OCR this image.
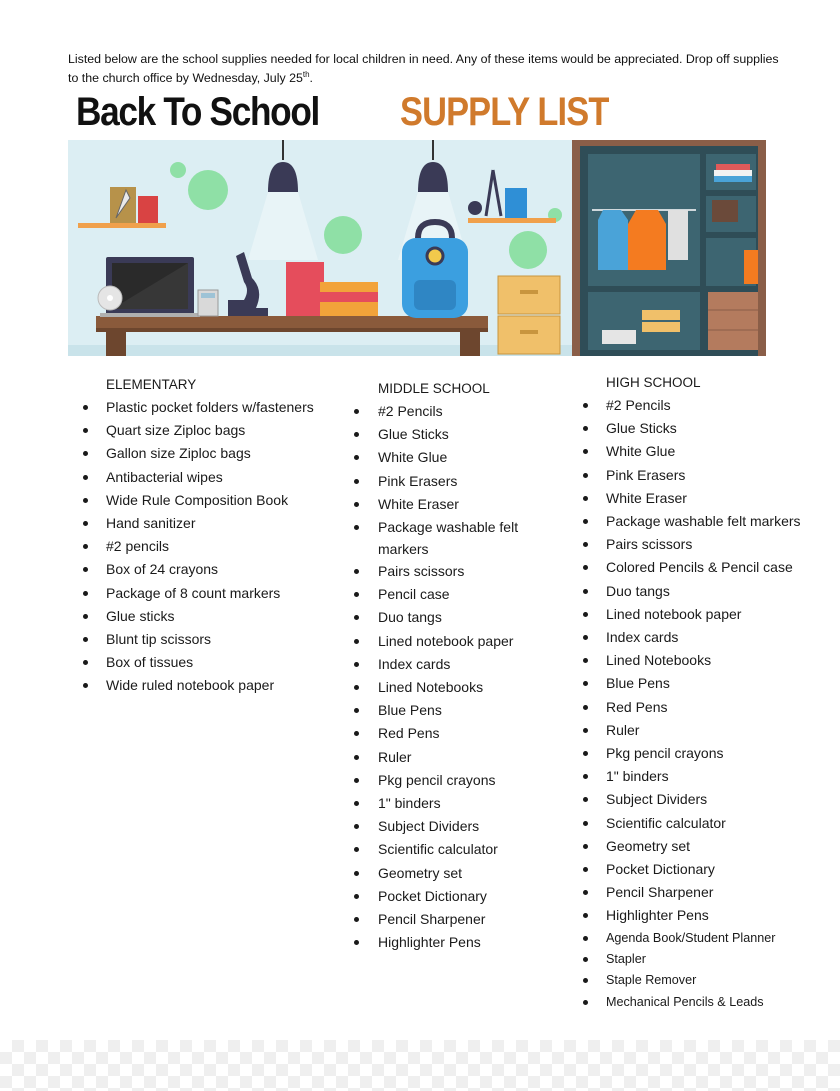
Listed below are the school supplies needed for local children in need. Any of these items would be appreciated. Drop off supplies to the church office by Wednesday, July 25th.

Back To School SUPPLY LIST
ELEMENTARY
Plastic pocket folders w/fasteners
Quart size Ziploc bags
Gallon size Ziploc bags
Antibacterial wipes
Wide Rule Composition Book
Hand sanitizer
#2 pencils
Box of 24 crayons
Package of 8 count markers
Glue sticks
Blunt tip scissors
Box of tissues
Wide ruled notebook paper
MIDDLE SCHOOL
#2 Pencils
Glue Sticks
White Glue
Pink Erasers
White Eraser
Package washable felt markers
Pairs scissors
Pencil case
Duo tangs
Lined notebook paper
Index cards
Lined Notebooks
Blue Pens
Red Pens
Ruler
Pkg pencil crayons
1" binders
Subject Dividers
Scientific calculator
Geometry set
Pocket Dictionary
Pencil Sharpener
Highlighter Pens
HIGH SCHOOL
#2 Pencils
Glue Sticks
White Glue
Pink Erasers
White Eraser
Package washable felt markers
Pairs scissors
Colored Pencils & Pencil case
Duo tangs
Lined notebook paper
Index cards
Lined Notebooks
Blue Pens
Red Pens
Ruler
Pkg pencil crayons
1" binders
Subject Dividers
Scientific calculator
Geometry set
Pocket Dictionary
Pencil Sharpener
Highlighter Pens
Agenda Book/Student Planner
Stapler
Staple Remover
Mechanical Pencils & Leads
